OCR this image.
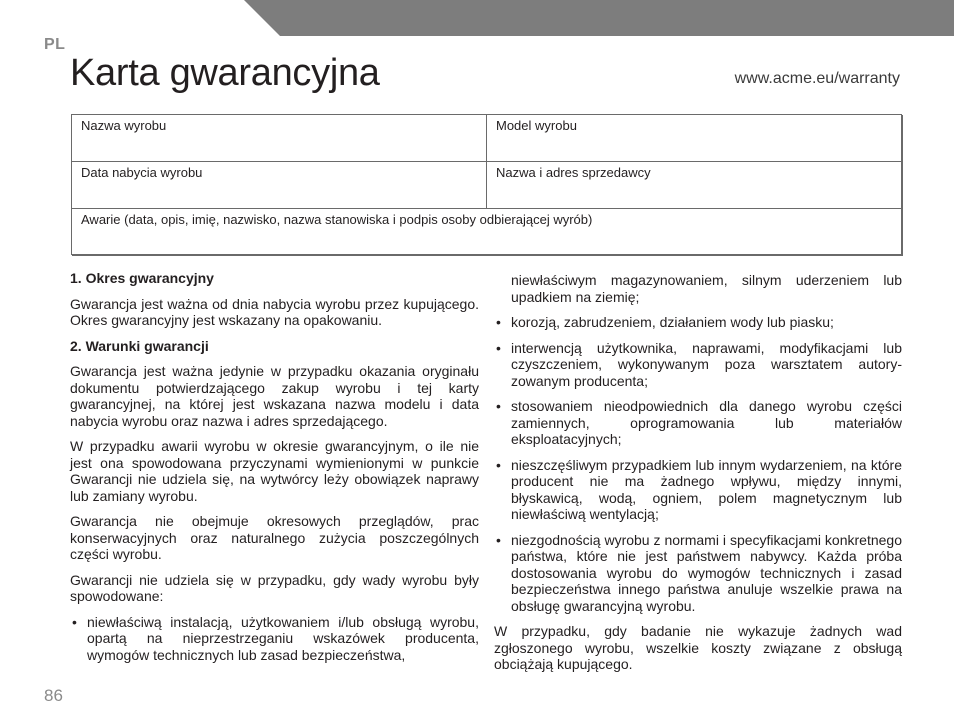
PL
Karta gwarancyjna	www.acme.eu/warranty
Nazwa wyrobu	Model wyrobu
Data nabycia wyrobu	Nazwa i adres sprzedawcy
Awarie (data, opis, imię, nazwisko, nazwa stanowiska i podpis osoby odbierającej wyrób)
1. Okres gwarancyjny

Gwarancja jest ważna od dnia nabycia wyrobu przez kupującego. Okres gwarancyjny jest wskazany na opakowaniu.

2. Warunki gwarancji

Gwarancja jest ważna jedynie w przypadku okazania oryginału dokumentu potwierdzającego zakup wyrobu i tej karty gwarancyjnej, na której jest wskazana nazwa modelu i data nabycia wyrobu oraz nazwa i adres sprzedającego.

W przypadku awarii wyrobu w okresie gwarancyjnym, o ile nie jest ona spowodowana przyczynami wymienionymi w punkcie Gwarancji nie udziela się, na wytwórcy leży obowiązek naprawy lub zamiany wyrobu.

Gwarancja nie obejmuje okresowych przeglądów, prac konserwacyjnych oraz naturalnego zużycia poszczególnych części wyrobu.

Gwarancji nie udziela się w przypadku, gdy wady wyrobu były spowodowane:

• niewłaściwą instalacją, użytkowaniem i/lub obsługą wyrobu, opartą na nieprzestrzeganiu wskazówek producenta, wymogów technicznych lub zasad bezpieczeństwa,
niewłaściwym magazynowaniem, silnym uderzeniem lub upadkiem na ziemię;
• korozją, zabrudzeniem, działaniem wody lub piasku;
• interwencją użytkownika, naprawami, modyfikacjami lub czyszczeniem, wykonywanym poza warsztatem autoryzowanym producenta;
• stosowaniem nieodpowiednich dla danego wyrobu części zamiennych, oprogramowania lub materiałów eksploatacyjnych;
• nieszczęśliwym przypadkiem lub innym wydarzeniem, na które producent nie ma żadnego wpływu, między innymi, błyskawicą, wodą, ogniem, polem magnetycznym lub niewłaściwą wentylacją;
• niezgodnością wyrobu z normami i specyfikacjami konkretnego państwa, które nie jest państwem nabywcy. Każda próba dostosowania wyrobu do wymogów technicznych i zasad bezpieczeństwa innego państwa anuluje wszelkie prawa na obsługę gwarancyjną wyrobu.

W przypadku, gdy badanie nie wykazuje żadnych wad zgłoszonego wyrobu, wszelkie koszty związane z obsługą obciążają kupującego.

86
